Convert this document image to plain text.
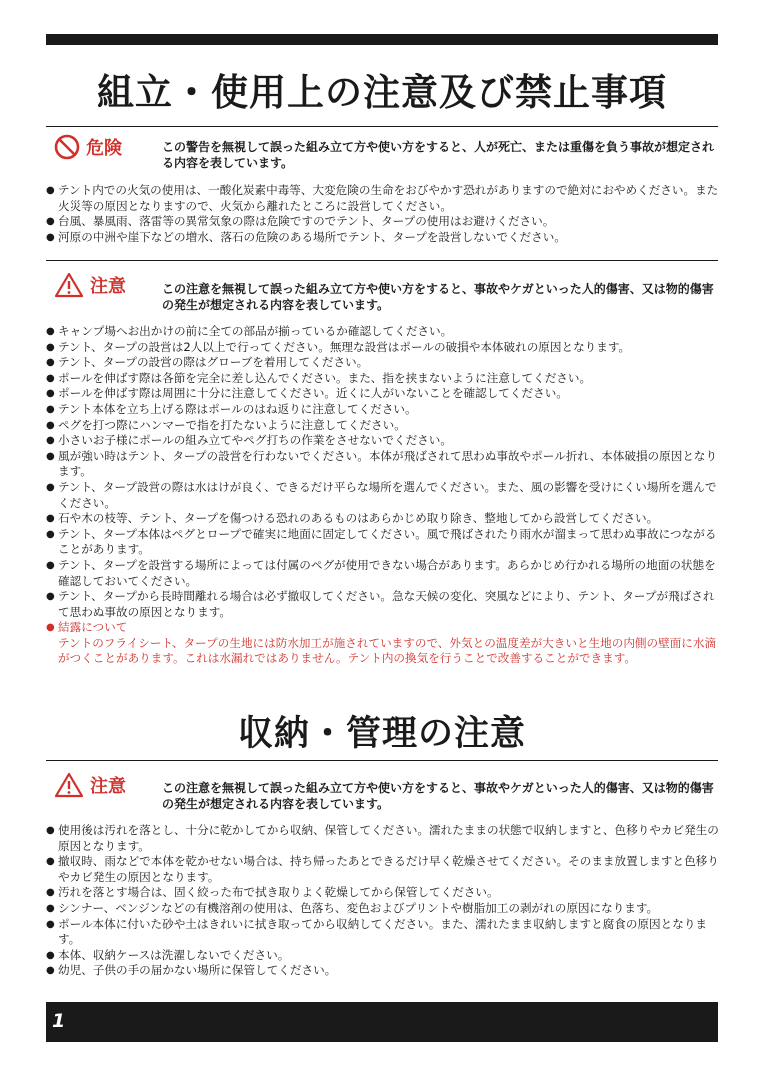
組立・使用上の注意及び禁止事項
危険	この警告を無視して誤った組み立て方や使い方をすると、人が死亡、または重傷を負う事故が想定される内容を表しています。
● テント内での火気の使用は、一酸化炭素中毒等、大変危険の生命をおびやかす恐れがありますので絶対におやめください。また火災等の原因となりますので、火気から離れたところに設営してください。
● 台風、暴風雨、落雷等の異常気象の際は危険ですのでテント、タープの使用はお避けください。
● 河原の中洲や崖下などの増水、落石の危険のある場所でテント、タープを設営しないでください。
注意	この注意を無視して誤った組み立て方や使い方をすると、事故やケガといった人的傷害、又は物的傷害の発生が想定される内容を表しています。
● キャンプ場へお出かけの前に全ての部品が揃っているか確認してください。
● テント、タープの設営は2人以上で行ってください。無理な設営はポールの破損や本体破れの原因となります。
● テント、タープの設営の際はグローブを着用してください。
● ポールを伸ばす際は各節を完全に差し込んでください。また、指を挟まないように注意してください。
● ポールを伸ばす際は周囲に十分に注意してください。近くに人がいないことを確認してください。
● テント本体を立ち上げる際はポールのはね返りに注意してください。
● ペグを打つ際にハンマーで指を打たないように注意してください。
● 小さいお子様にポールの組み立てやペグ打ちの作業をさせないでください。
● 風が強い時はテント、タープの設営を行わないでください。本体が飛ばされて思わぬ事故やポール折れ、本体破損の原因となります。
● テント、タープ設営の際は水はけが良く、できるだけ平らな場所を選んでください。また、風の影響を受けにくい場所を選んでください。
● 石や木の枝等、テント、タープを傷つける恐れのあるものはあらかじめ取り除き、整地してから設営してください。
● テント、タープ本体はペグとロープで確実に地面に固定してください。風で飛ばされたり雨水が溜まって思わぬ事故につながることがあります。
● テント、タープを設営する場所によっては付属のペグが使用できない場合があります。あらかじめ行かれる場所の地面の状態を確認しておいてください。
● テント、タープから長時間離れる場合は必ず撤収してください。急な天候の変化、突風などにより、テント、タープが飛ばされて思わぬ事故の原因となります。
● 結露について
テントのフライシート、タープの生地には防水加工が施されていますので、外気との温度差が大きいと生地の内側の壁面に水滴がつくことがあります。これは水漏れではありません。テント内の換気を行うことで改善することができます。
収納・管理の注意
注意	この注意を無視して誤った組み立て方や使い方をすると、事故やケガといった人的傷害、又は物的傷害の発生が想定される内容を表しています。
● 使用後は汚れを落とし、十分に乾かしてから収納、保管してください。濡れたままの状態で収納しますと、色移りやカビ発生の原因となります。
● 撤収時、雨などで本体を乾かせない場合は、持ち帰ったあとできるだけ早く乾燥させてください。そのまま放置しますと色移りやカビ発生の原因となります。
● 汚れを落とす場合は、固く絞った布で拭き取りよく乾燥してから保管してください。
● シンナー、ベンジンなどの有機溶剤の使用は、色落ち、変色およびプリントや樹脂加工の剥がれの原因になります。
● ポール本体に付いた砂や土はきれいに拭き取ってから収納してください。また、濡れたまま収納しますと腐食の原因となります。
● 本体、収納ケースは洗濯しないでください。
● 幼児、子供の手の届かない場所に保管してください。
1
